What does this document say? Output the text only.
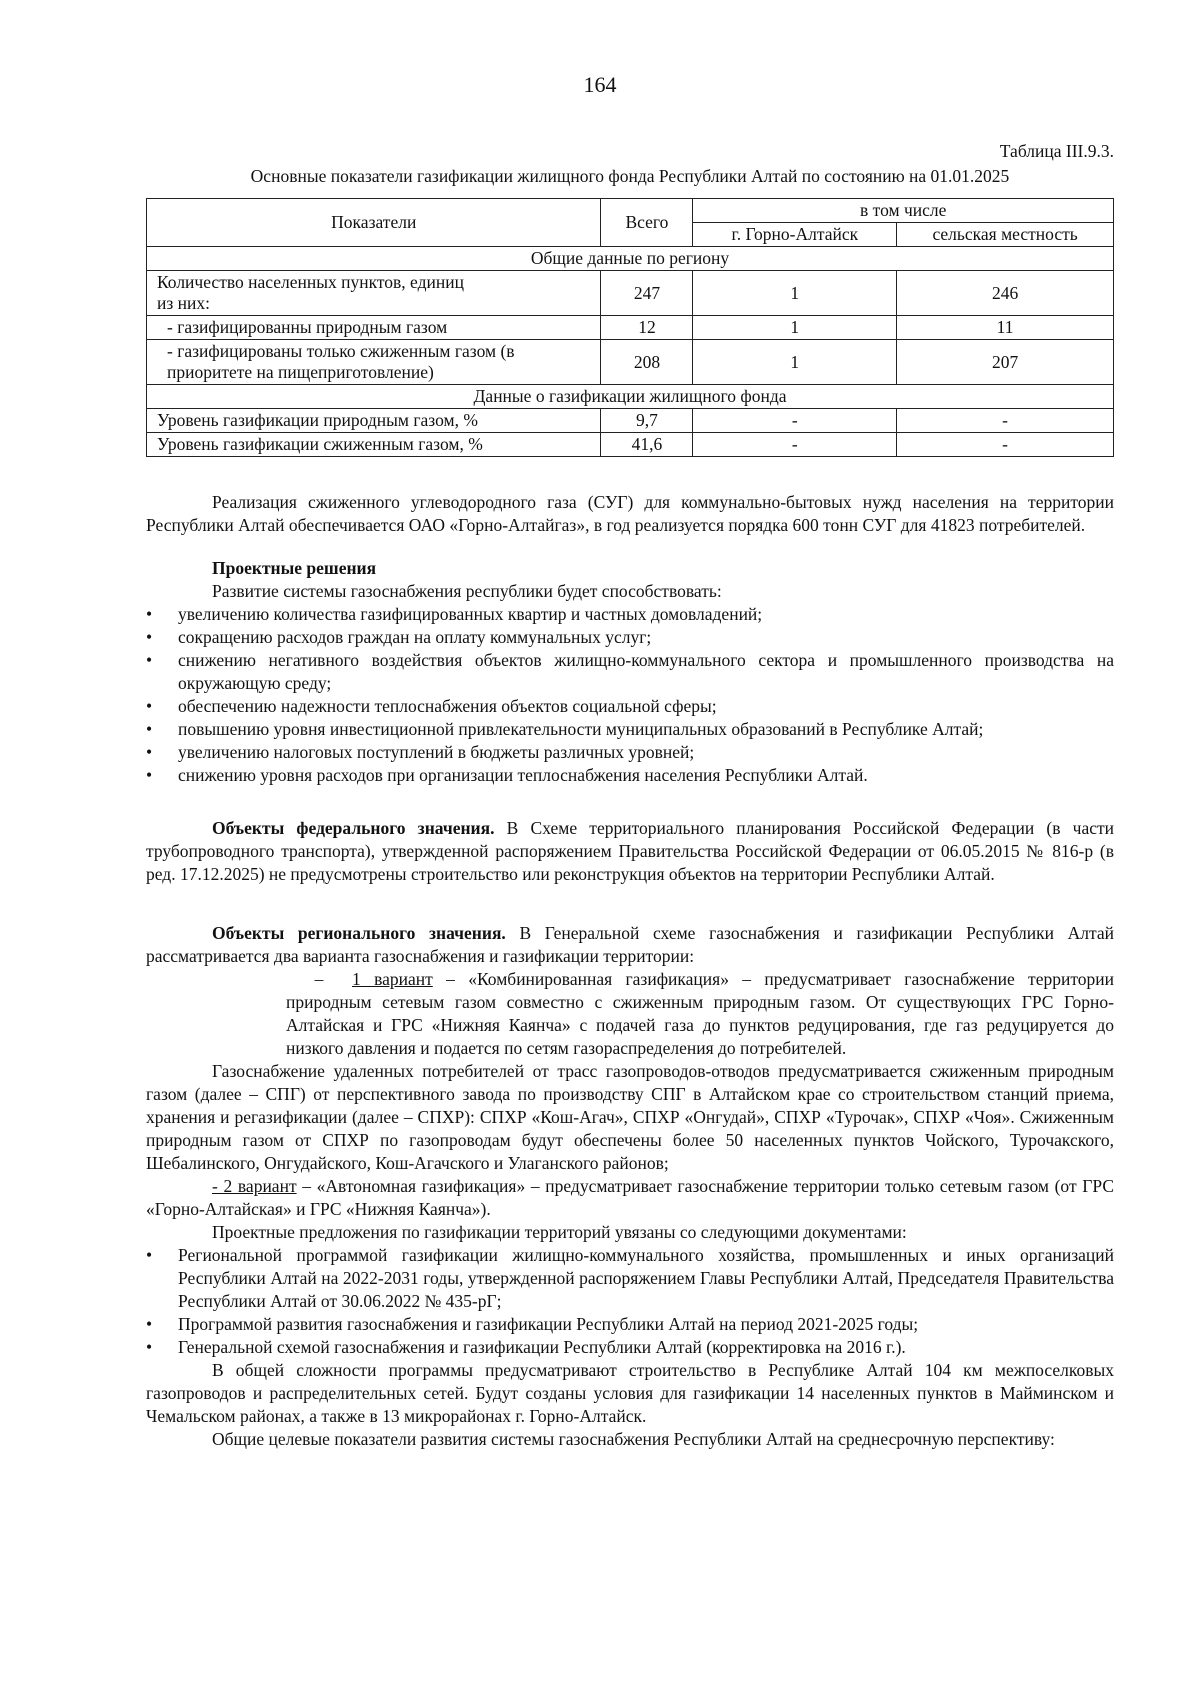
164
Таблица III.9.3.
Основные показатели газификации жилищного фонда Республики Алтай по состоянию на 01.01.2025
Показатели	Всего	в том числе	
		г. Горно-Алтайск	сельская местность
Общие данные по региону			
Количество населенных пунктов, единиц
из них:	247	1	246
- газифицированны природным газом	12	1	11
- газифицированы только сжиженным газом (в
приоритете на пищеприготовление)	208	1	207
Данные о газификации жилищного фонда			
Уровень газификации природным газом, %	9,7	-	-
Уровень газификации сжиженным газом, %	41,6	-	-

Реализация сжиженного углеводородного газа (СУГ) для коммунально-бытовых нужд населения на территории Республики Алтай обеспечивается ОАО «Горно-Алтайгаз», в год реализуется порядка 600 тонн СУГ для 41823 потребителей.

Проектные решения

Развитие системы газоснабжения республики будет способствовать:

• увеличению количества газифицированных квартир и частных домовладений;
• сокращению расходов граждан на оплату коммунальных услуг;
• снижению негативного воздействия объектов жилищно-коммунального сектора и промышленного производства на окружающую среду;
• обеспечению надежности теплоснабжения объектов социальной сферы;
• повышению уровня инвестиционной привлекательности муниципальных образований в Республике Алтай;
• увеличению налоговых поступлений в бюджеты различных уровней;
• снижению уровня расходов при организации теплоснабжения населения Республики Алтай.

Объекты федерального значения. В Схеме территориального планирования Российской Федерации (в части трубопроводного транспорта), утвержденной распоряжением Правительства Российской Федерации от 06.05.2015 № 816-р (в ред. 17.12.2025) не предусмотрены строительство или реконструкция объектов на территории Республики Алтай.

Объекты регионального значения. В Генеральной схеме газоснабжения и газификации Республики Алтай рассматривается два варианта газоснабжения и газификации территории:

– 1 вариант – «Комбинированная газификация» – предусматривает газоснабжение территории природным сетевым газом совместно с сжиженным природным газом. От существующих ГРС Горно-Алтайская и ГРС «Нижняя Каянча» с подачей газа до пунктов редуцирования, где газ редуцируется до низкого давления и подается по сетям газораспределения до потребителей.

Газоснабжение удаленных потребителей от трасс газопроводов-отводов предусматривается сжиженным природным газом (далее – СПГ) от перспективного завода по производству СПГ в Алтайском крае со строительством станций приема, хранения и регазификации (далее – СПХР): СПХР «Кош-Агач», СПХР «Онгудай», СПХР «Турочак», СПХР «Чоя». Сжиженным природным газом от СПХР по газопроводам будут обеспечены более 50 населенных пунктов Чойского, Турочакского, Шебалинского, Онгудайского, Кош-Агачского и Улаганского районов;

- 2 вариант – «Автономная газификация» – предусматривает газоснабжение территории только сетевым газом (от ГРС «Горно-Алтайская» и ГРС «Нижняя Каянча»).

Проектные предложения по газификации территорий увязаны со следующими документами:

• Региональной программой газификации жилищно-коммунального хозяйства, промышленных и иных организаций Республики Алтай на 2022-2031 годы, утвержденной распоряжением Главы Республики Алтай, Председателя Правительства Республики Алтай от 30.06.2022 № 435-рГ;
• Программой развития газоснабжения и газификации Республики Алтай на период 2021-2025 годы;
• Генеральной схемой газоснабжения и газификации Республики Алтай (корректировка на 2016 г.).

В общей сложности программы предусматривают строительство в Республике Алтай 104 км межпоселковых газопроводов и распределительных сетей. Будут созданы условия для газификации 14 населенных пунктов в Майминском и Чемальском районах, а также в 13 микрорайонах г. Горно-Алтайск.

Общие целевые показатели развития системы газоснабжения Республики Алтай на среднесрочную перспективу:
